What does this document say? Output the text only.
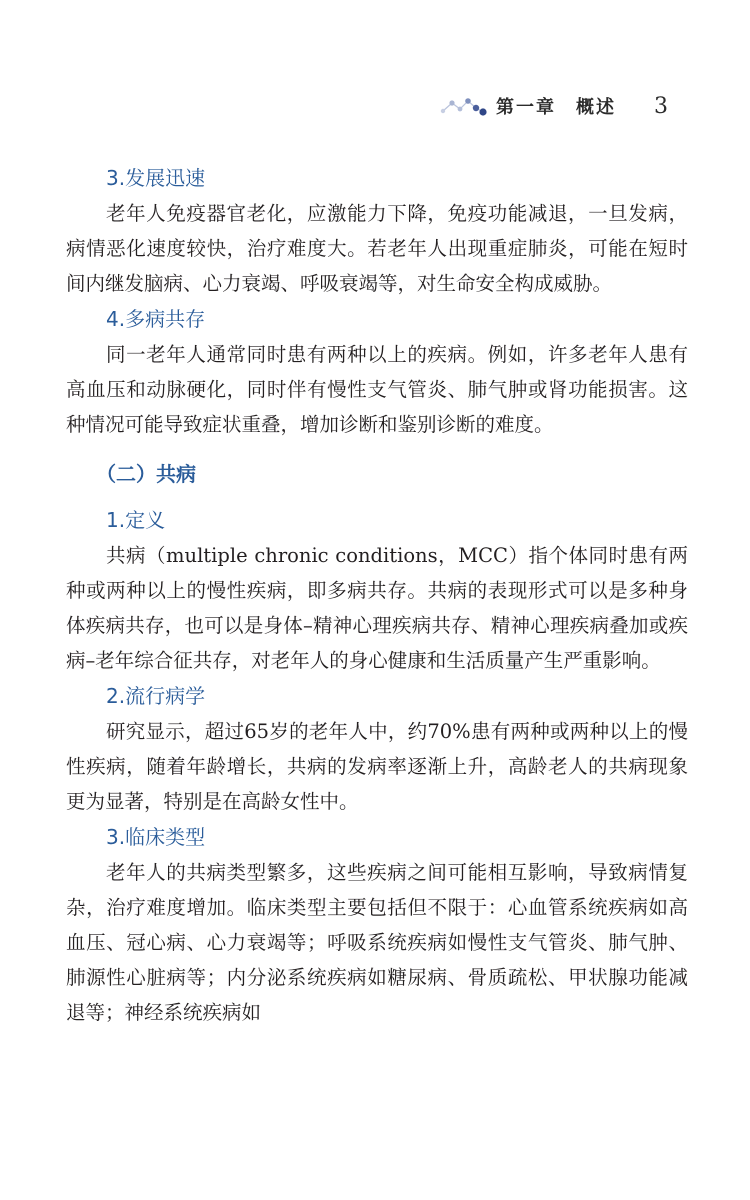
第一章　概述 3
3.发展迅速

老年人免疫器官老化，应激能力下降，免疫功能减退，一旦发病，病情恶化速度较快，治疗难度大。若老年人出现重症肺炎，可能在短时间内继发脑病、心力衰竭、呼吸衰竭等，对生命安全构成威胁。

4.多病共存

同一老年人通常同时患有两种以上的疾病。例如，许多老年人患有高血压和动脉硬化，同时伴有慢性支气管炎、肺气肿或肾功能损害。这种情况可能导致症状重叠，增加诊断和鉴别诊断的难度。

（二）共病
1.定义

共病（multiple chronic conditions，MCC）指个体同时患有两种或两种以上的慢性疾病，即多病共存。共病的表现形式可以是多种身体疾病共存，也可以是身体–精神心理疾病共存、精神心理疾病叠加或疾病–老年综合征共存，对老年人的身心健康和生活质量产生严重影响。

2.流行病学

研究显示，超过65岁的老年人中，约70%患有两种或两种以上的慢性疾病，随着年龄增长，共病的发病率逐渐上升，高龄老人的共病现象更为显著，特别是在高龄女性中。

3.临床类型

老年人的共病类型繁多，这些疾病之间可能相互影响，导致病情复杂，治疗难度增加。临床类型主要包括但不限于：心血管系统疾病如高血压、冠心病、心力衰竭等；呼吸系统疾病如慢性支气管炎、肺气肿、肺源性心脏病等；内分泌系统疾病如糖尿病、骨质疏松、甲状腺功能减退等；神经系统疾病如
